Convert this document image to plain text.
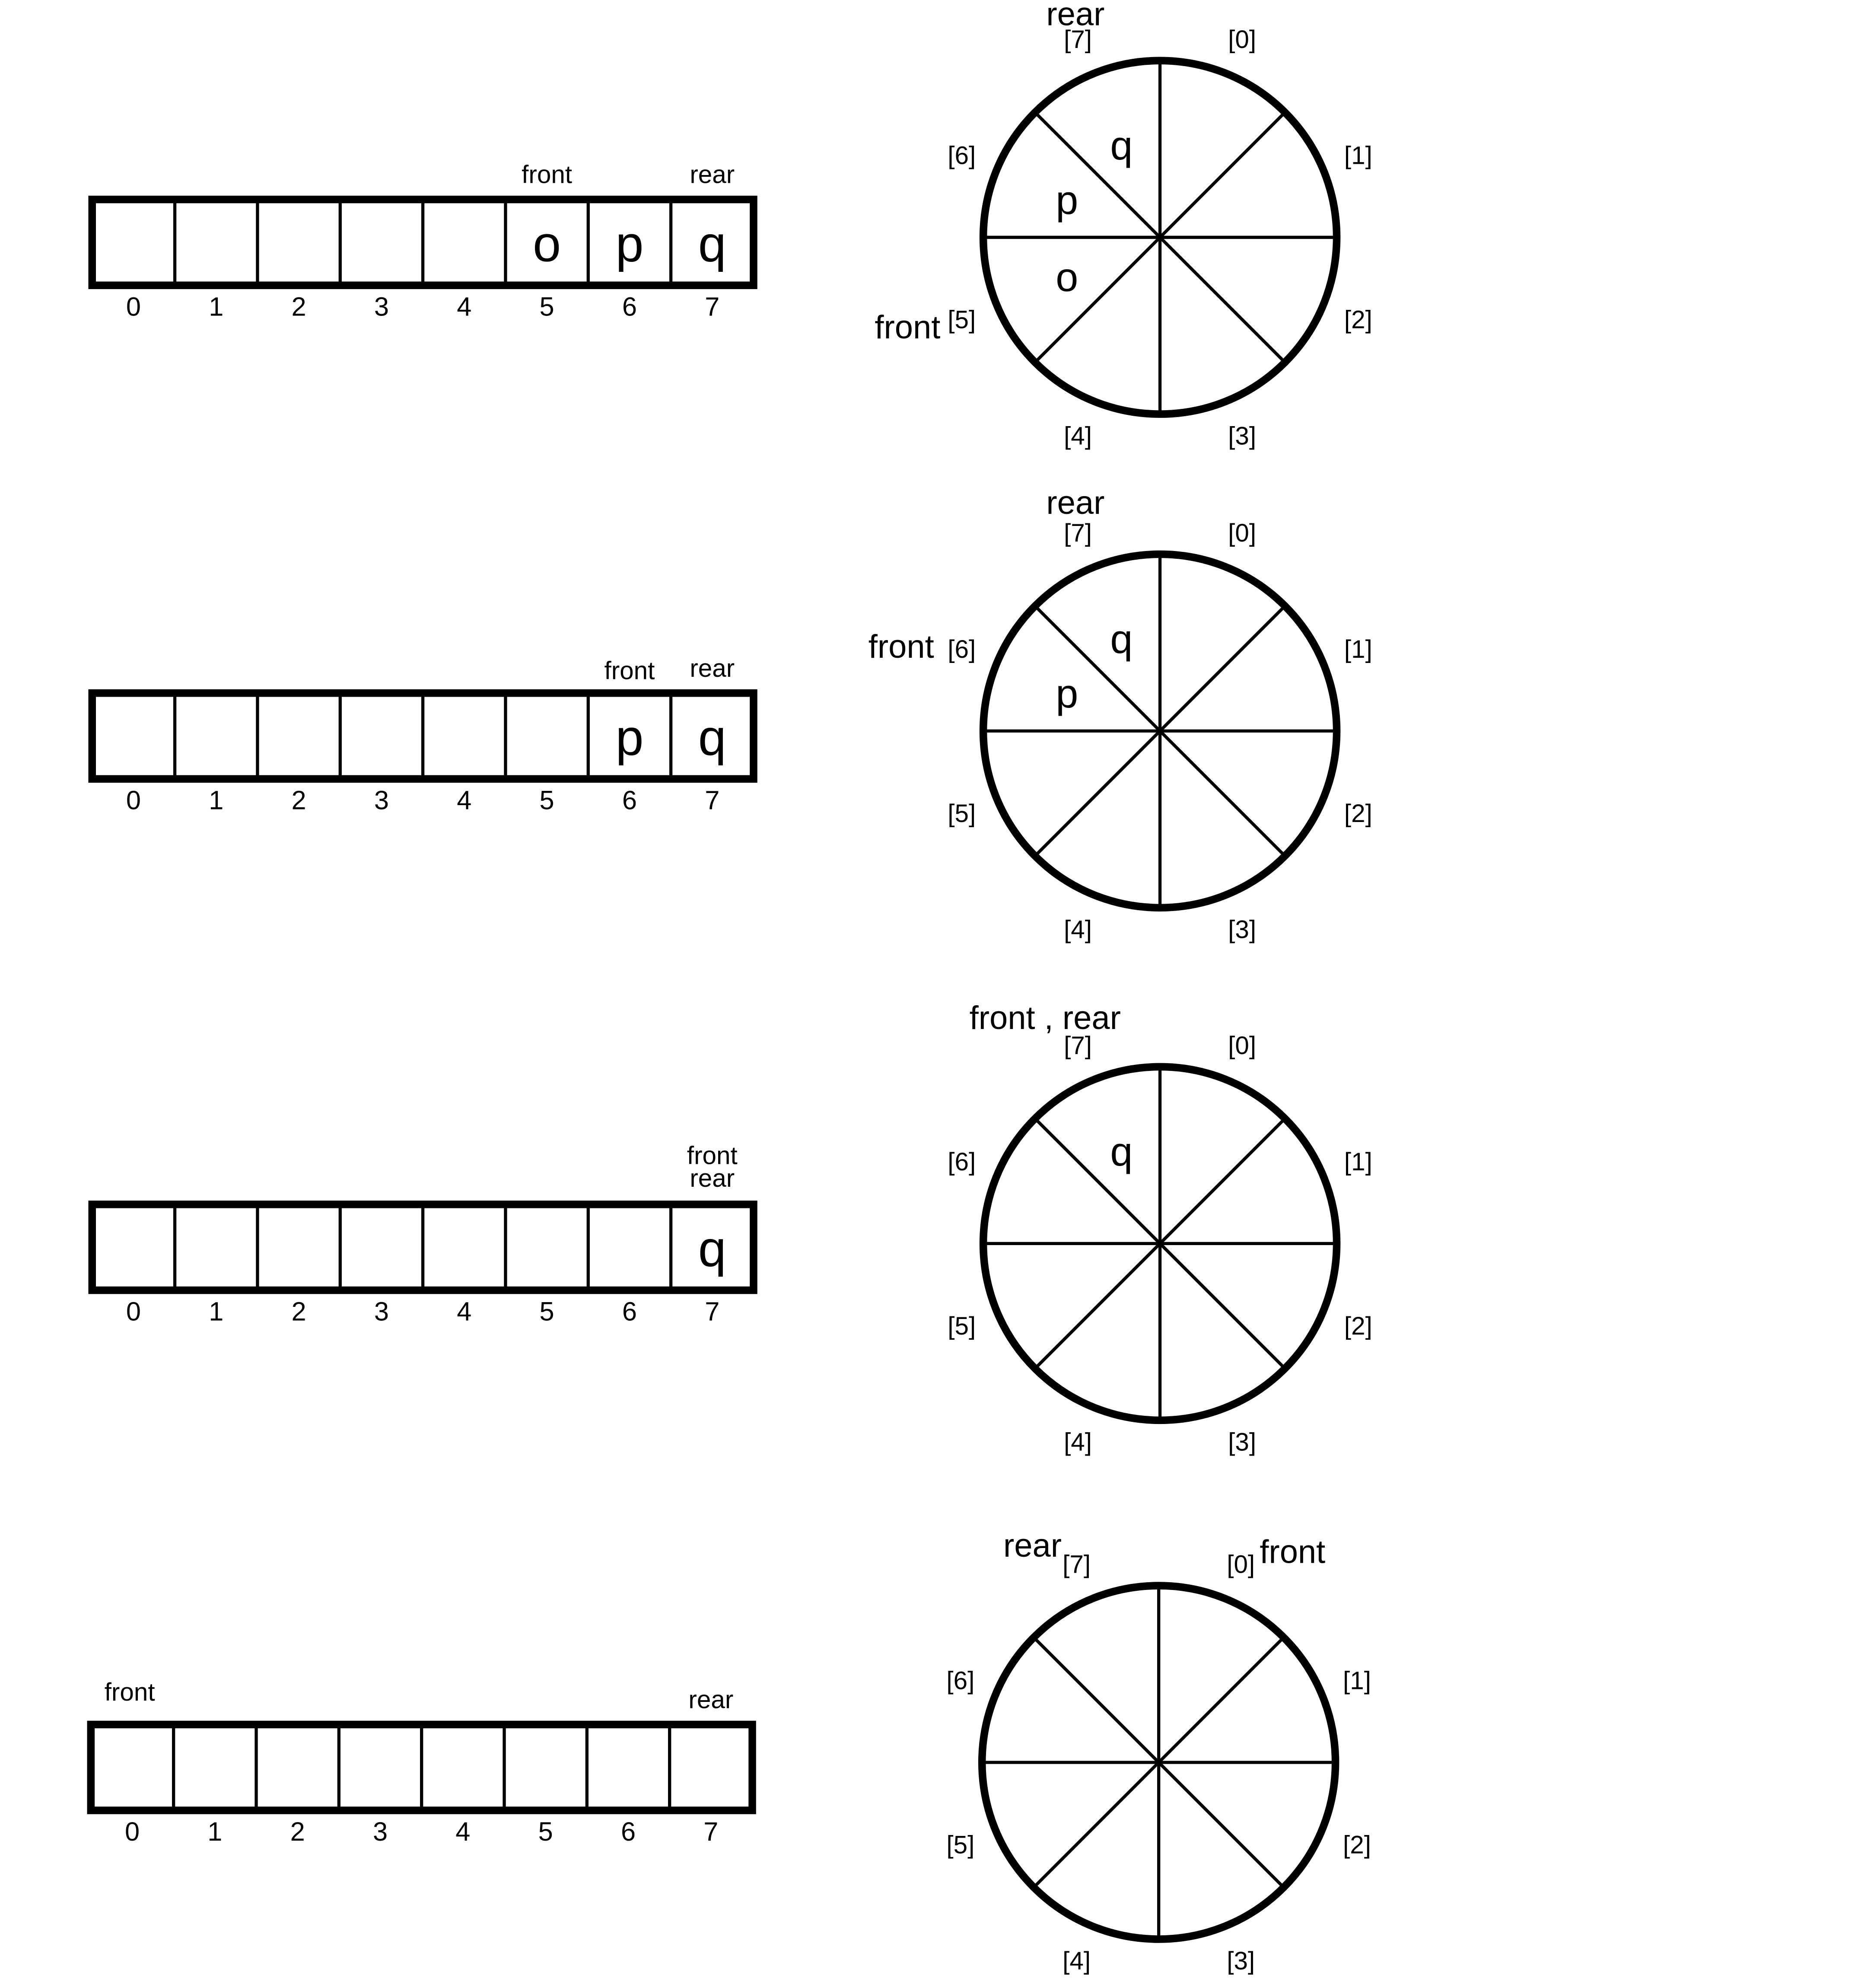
0	1	2	3	4
o
5
p
6
q
7
front	rear
[0]
[1]
[2]
[3]
[4]
[5]
[6]
[7]
o
p
q
rear
front
0	1	2	3	4	5
p
6
q
7
front rear
[0]
[1]
[2]
[3]
[4]
[5]
[6]
[7]
p
q
rear
front
0	1	2	3	4	5	6
q
7
front
rear
[0]
[1]
[2]
[3]
[4]
[5]
[6]
[7]
q
front , rear
0	1	2	3	4	5	6	7
front	rear
[0]
[1]
[2]
[3]
[4]
[5]
[6]
[7]
rear	front
